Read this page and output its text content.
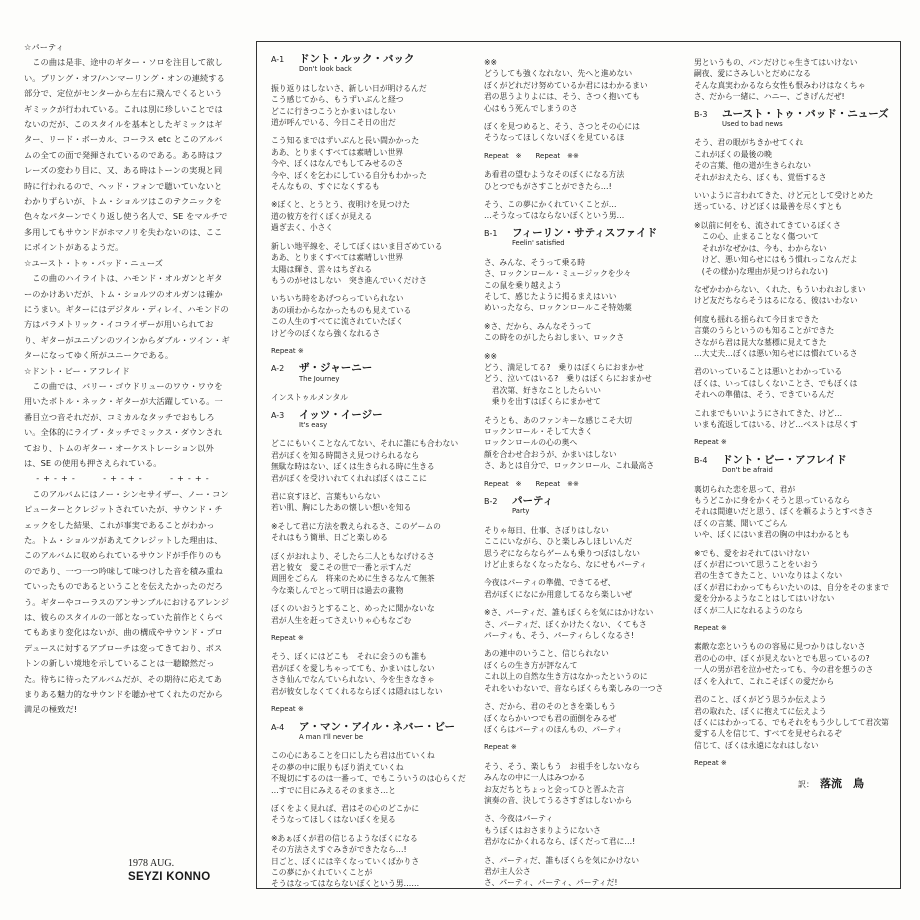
☆パーティ

　この曲は是非、途中のギター・ソロを注目して欲しい。プリング・オフ/ハンマーリング・オンの連続する部分で、定位がセンターから左右に飛んでくるというギミックが行われている。これは別に珍しいことではないのだが、このスタイルを基本としたギミックはギター、リード・ボーカル、コーラス etc とこのアルバムの全ての面で発揮されているのである。ある時はフレーズの変わり目に、又、ある時はトーンの実現と同時に行われるので、ヘッド・フォンで聴いていないとわかりずらいが、トム・ショルツはこのテクニックを色々なパターンでくり返し使う名人で、SE をマルチで多用してもサウンドがホマノリを失わないのは、ここにポイントがあるようだ。

☆ユースト・トゥ・バッド・ニューズ

　この曲のハイライトは、ハモンド・オルガンとギターのかけあいだが、トム・ショルツのオルガンは確かにうまい。ギターにはデジタル・ディレイ、ハモンドの方はパラメトリック・イコライザーが用いられており、ギターがユニゾンのツインからダブル・ツイン・ギターになってゆく所がユニークである。

☆ドント・ビー・アフレイド

　この曲では、バリー・ゴウドリューのワウ・ワウを用いたボトル・ネック・ギターが大活躍している。一番目立つ音それだが、コミカルなタッチでおもしろい。全体的にライブ・タッチでミックス・ダウンされており、トムのギター・オーケストレーション以外は、SE の使用も押さえられている。

　-+-+-　　-+-+-　　-+-+-

　このアルバムにはノー・シンセサイザー、ノー・コンピューターとクレジットされていたが、サウンド・チェックをした結果、これが事実であることがわかった。トム・ショルツがあえてクレジットした理由は、このアルバムに収められているサウンドが手作りのものであり、一つ一つ吟味して味つけした音を積み重ねていったものであるということを伝えたかったのだろう。ギターやコーラスのアンサンブルにおけるアレンジは、彼らのスタイルの一部となっていた前作とくらべてもあまり変化はないが、曲の構成やサウンド・プロデュースに対するアプローチは変ってきており、ボストンの新しい境地を示していることは一聴瞭然だった。待ちに待ったアルバムだが、その期待に応えてあまりある魅力的なサウンドを聴かせてくれたのだから満足の極致だ!

1978 AUG.
SEYZI KONNO
A-1	ドント・ルック・バック
Don't look back
振り返りはしないさ、新しい日が明けるんだ
こう感じてから、もうずいぶんと経つ
どこに行きつこうとかまいはしない
道が呼んでいる、今日こそ日の出だ
こう知るまではずいぶんと長い間かかった
ああ、とりまくすべては素晴しい世界
今や、ぼくはなんでもしてみせるのさ
今や、ぼくを乞わにしている自分もわかった
そんなもの、すぐになくするも
※ぼくと、とうとう、夜明けを見つけた
道の彼方を行くぼくが見える
過ぎ去く、小さく
新しい地平線を、そしてぼくはいま目ざめている
ああ、とりまくすべては素晴しい世界
太陽は輝き、雲々はちぎれる
もうのがせはしない　突き進んでいくだけさ
いちいち時をあげつらっていられない
あの頃わからなかったものも見えている
この人生のすべてに流されていたぼく
けど今のぼくなら強くなれるさ
Repeat ※
A-2	ザ・ジャーニー
The Journey
インストゥルメンタル
A-3	イッツ・イージー
It's easy
どこにもいくことなんてない、それに誰にも合わない
君がぼくを知る時間さえ見つけられるなら
無駄な時はない、ぼくは生きられる時に生きる
君がぼくを受けいれてくれればぼくはここに
君に哀すほど、言葉もいらない
若い肌、胸にしたあの懐しい想いを知る
※そして君に方法を教えられるさ、このゲームの
それはもう簡単、日ごと楽しめる
ぼくがおれより、そしたら二人ともなげけるさ
君と彼女　愛こその世で一番と示すんだ
周囲をごらん　将来のために生きるなんて無茶
今な楽しんでとって明日は過去の畫物
ぼくのいおうとすること、めったに聞かないな
君が人生を赶ってさえいりゃ心もなごむ
Repeat ※
そう、ぼくにはどこも　それに会うのも誰も
君がぼくを愛しちゃってても、かまいはしない
さき仙んでなんていられない、今を生きなきゃ
君が彼女しなくてくれるならぼくは隠れはしない
Repeat ※
A-4	ア・マン・アイル・ネバー・ビー
A man I'll never be
この心にあることを口にしたら君は出ていくね
その夢の中に眠りもぼり消えていくね
不規切にするのは一番って、でもこういうのは心らくだ
…すでに目にみえるそのままさ…と
ぼくをよく見れば、君はその心のどこかに
そうなってほしくはないぼくを見る
※あぁぼくが君の信じるようなぼくになる
その方法さえすぐみきができたなら…!
日ごと、ぼくには辛くなっていくばかりさ
この夢にかくれていくことが
そうはなってはならないぼくという男……
※※
どうしても強くなれない、先へと進めない
ぼくがどれだけ努めているか君にはわかるまい
君の思うよりよには、そう、さつく抱いても
心はもう死んでしまうのさ
ぼくを見つめると、そう、さつとその心には
そうなってほしくないぼくを見ているほ
Repeat　※　　Repeat　※※
あ看君の望むようなそのぼくになる方法
ひとつでもがさすことができたら…!
そう、この夢にかくれていくことが…
…そうなってはならないぼくという男…
B-1	フィーリン・サティスファイド
Feelin' satisfied
さ、みんな、そうって乗る時
さ、ロックンロール・ミュージックを少々
この鼠を乗り越えよう
そして、感じたように掲るまえはいい
めいったなら、ロックンロールこそ特効薬
※さ、だから、みんなそうって
この時をのがしたらおしまい、ロックさ
※※
どう、満足してる?　乗りはぼくらにおまかせ
どう、泣いてはいる?　乗りはぼくらにおまかせ
　君次第、好きなことしたらいい
　乗りを出すはぼくらにまかせて
そうとも、あのファンキーな感じこそ大切
ロックンロール・そして大きく
ロックンロールの心の奥へ
顔を合わせ合おうが、かまいはしない
さ、あとは自分で、ロックンロール、これ最高さ
Repeat　※　　Repeat　※※
B-2	パーティ
Party
そりゃ毎日、仕事、さぼりはしない
ここにいながら、ひと楽しみしほしいんだ
思うぞにならならゲームも乗りつぼはしない
けど止まらなくなったなら、なにせもパーティ
今夜はパーティの準備、できてるぜ、
君がぼくになにか用意してるなら楽しいぜ
※さ、パーティだ、誰もぼくらを気にはかけない
さ、パーティだ、ぼくかけたくない、くてもさ
パーティも、そう、パーティらしくなるさ!
あの連中のいうこと、信じられない
ぼくらの生き方が評なんて
これ以上の自然な生き方はなかったというのに
それをいわないで、音ならぼくらも楽しみの一つさ
さ、だから、君のそのときを楽しもう
ぼくならかいつでも君の面倒をみるぜ
ぼくらはパーティのほんもの、パーティ
Repeat ※
そう、そう、楽しもう　お祖手をしないなら
みんなの中に一人はみつかる
お友だちとちょっと会ってひと晋ふた言
演奏の音、決してうるさすぎはしないから
さ、今夜はパーティ
もうぼくはおさまりようにないさ
君がなにかくれるなら、ぼくだって君に…!
さ、パーティだ、誰もぼくらを気にかけない
君が主人公さ
さ、パーティ、パーティ、パーティだ!
男というもの、パンだけじゃ生きてはいけない
嗣夜、愛にさみしいとだめになる
そんな真実わかるなら女性も恨みわけはなくちゃ
さ、だから一緒に、ハニー、ごきげんだぜ!
B-3	ユースト・トゥ・バッド・ニューズ
Used to bad news
そう、君の眼がちきかせてくれ
これがぼくの最後の晩
その言葉、他の道が生きられない
それがおえたら、ぼくも、覚悟するさ
いいように言われてきた、けど元として受けとめた
送っている、けどぼくは最善を尽くすとも
※以前に何をも、流されてきているぼくさ
　この心、止まることなく傷ついて
　それがなぜかは、今も、わからない
　けど、悪い知らせにはもう慣れっこなんだよ
　(その様か)な理由が見つけられない)
なぜかわからない、くれた、もういわれおしまい
けど友だちならそうはるになる、彼はいわない
何度も揺れる揺られて今日まできた
言葉のうらというのも知ることができた
さながら君は昆大な墓標に見えてきた
…大丈夫…ぼくは悪い知らせには慣れているさ
君のいっていることは悪いとわかっている
ぼくは、いってはしくないことさ、でもぼくは
それへの準備は、そう、できているんだ
これまでもいいようにされてきた、けど…
いまも流返してはいる、けど…ベストは尽くす
Repeat ※
B-4	ドント・ビー・アフレイド
Don't be afraid
裏切られた恋を思って、君が
もうどこかに身をかくそうと思っているなら
それは間違いだと思う、ぼくを頼るようとすべきさ
ぼくの言葉、聞いてごらん
いや、ぼくにはいま君の胸の中はわかるとも
※でも、愛をおそれてはいけない
ぼくが君について思うことをいおう
君の生きてきたこと、いいなりはよくない
ぼくが君にわかってもらいたいのは、自分をそのままで
愛を分かるようなことはしてはいけない
ぼくが二人になれるようのなら
Repeat ※
素敵な恋というものの容易に見つかりはしないさ
君の心の中、ぼくが見えないとでも思っているの?
一人の男が君を泣かせたっても、今の君を想うのさ
ぼくを入れて、これこそぼくの愛だから
君のこと、ぼくがどう思うか伝えよう
君の取れた、ぼくに抱えてに伝えよう
ぼくにはわかってる、でもそれをもう少ししてて君次第
愛する人を信じて、すべてを見せられるぞ
信じて、ぼくは永遠になれはしない
Repeat ※
訳： 落流　鳥
